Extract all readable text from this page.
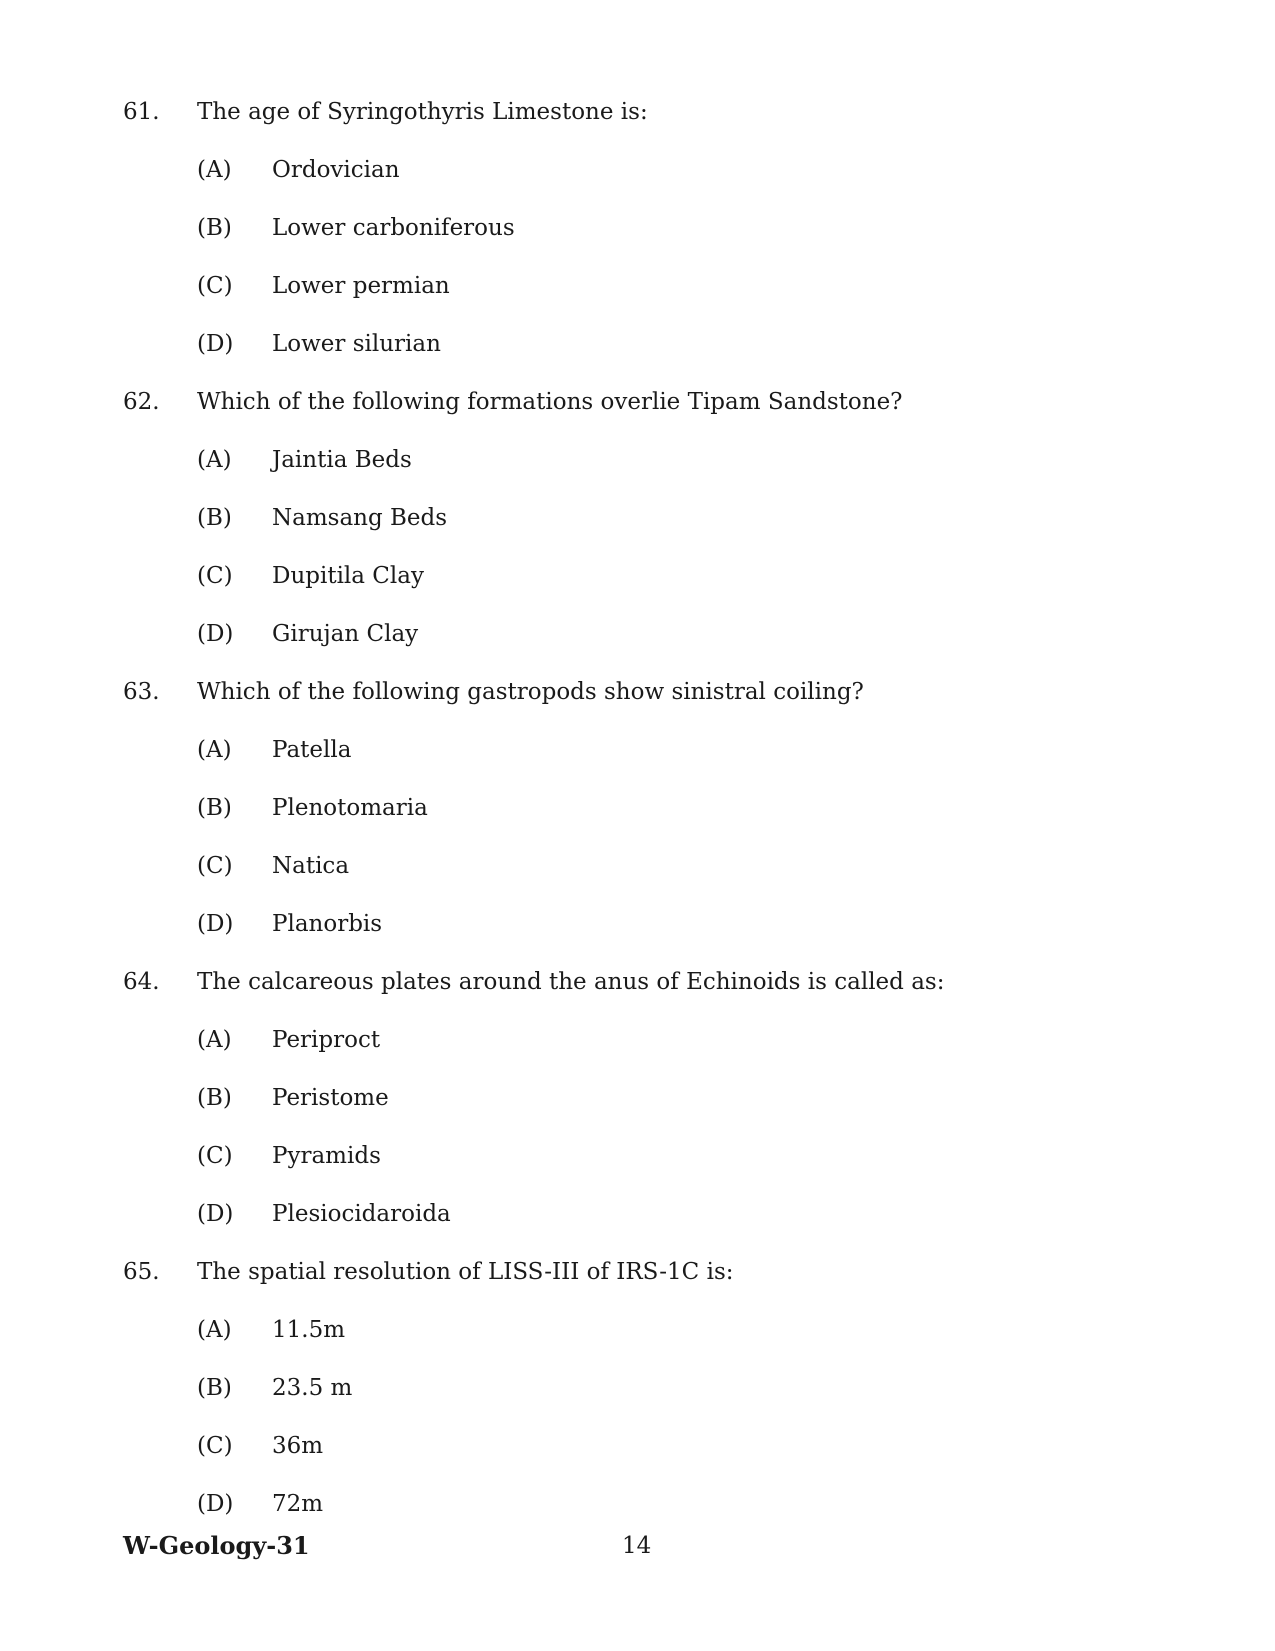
61. The age of Syringothyris Limestone is:
(A) Ordovician
(B) Lower carboniferous
(C) Lower permian
(D) Lower silurian
62. Which of the following formations overlie Tipam Sandstone?
(A) Jaintia Beds
(B) Namsang Beds
(C) Dupitila Clay
(D) Girujan Clay
63. Which of the following gastropods show sinistral coiling?
(A) Patella
(B) Plenotomaria
(C) Natica
(D) Planorbis
64. The calcareous plates around the anus of Echinoids is called as:
(A) Periproct
(B) Peristome
(C) Pyramids
(D) Plesiocidaroida
65. The spatial resolution of LISS-III of IRS-1C is:
(A) 11.5m
(B) 23.5 m
(C) 36m
(D) 72m
W-Geology-31	14
